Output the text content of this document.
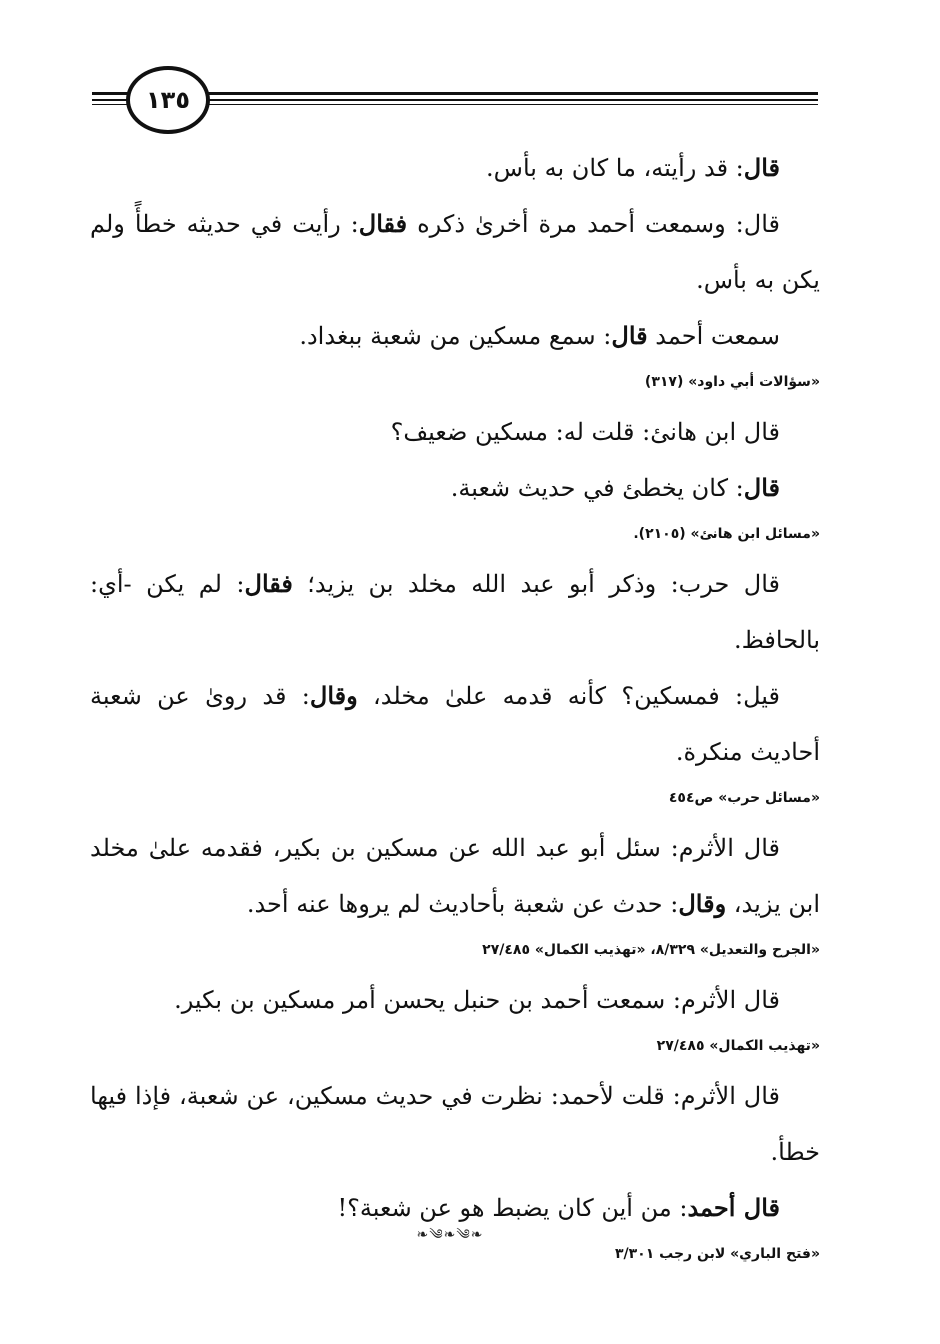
١٣٥

قال: قد رأيته، ما كان به بأس.

قال: وسمعت أحمد مرة أخرىٰ ذكره فقال: رأيت في حديثه خطأً ولم يكن به بأس.

سمعت أحمد قال: سمع مسكين من شعبة ببغداد.

«سؤالات أبي داود» (٣١٧)

قال ابن هانئ: قلت له: مسكين ضعيف؟

قال: كان يخطئ في حديث شعبة.

«مسائل ابن هانئ» (٢١٠٥).

قال حرب: وذكر أبو عبد الله مخلد بن يزيد؛ فقال: لم يكن -أي: بالحافظ.

قيل: فمسكين؟ كأنه قدمه علىٰ مخلد، وقال: قد روىٰ عن شعبة أحاديث منكرة.

«مسائل حرب» ص٤٥٤

قال الأثرم: سئل أبو عبد الله عن مسكين بن بكير، فقدمه علىٰ مخلد ابن يزيد، وقال: حدث عن شعبة بأحاديث لم يروها عنه أحد.

«الجرح والتعديل» ٨/٣٢٩، «تهذيب الكمال» ٢٧/٤٨٥

قال الأثرم: سمعت أحمد بن حنبل يحسن أمر مسكين بن بكير.

«تهذيب الكمال» ٢٧/٤٨٥

قال الأثرم: قلت لأحمد: نظرت في حديث مسكين، عن شعبة، فإذا فيها خطأ.

قال أحمد: من أين كان يضبط هو عن شعبة؟!

«فتح الباري» لابن رجب ٣/٣٠١

❧༄❧༄❧
